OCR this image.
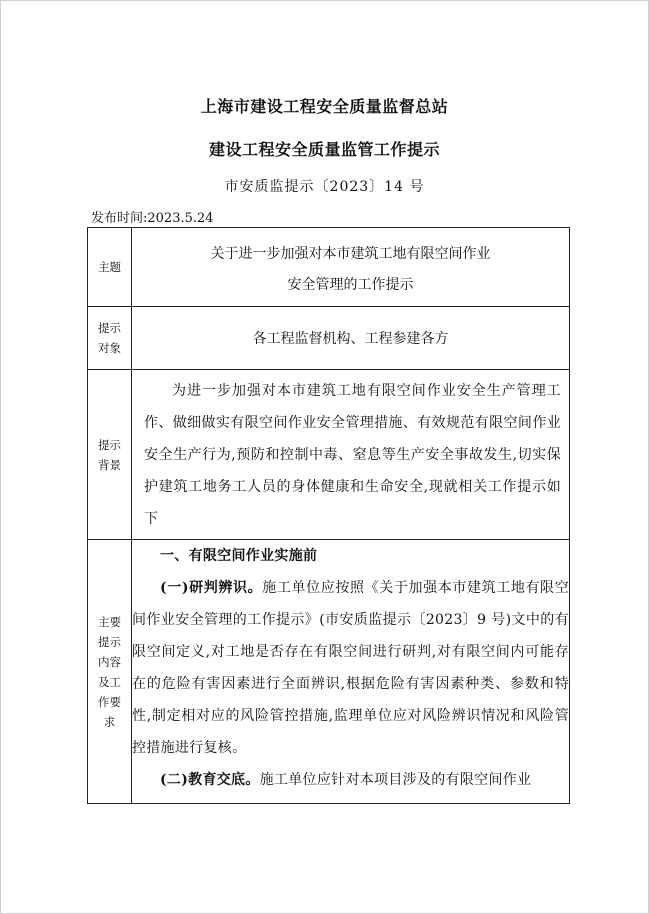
上海市建设工程安全质量监督总站
建设工程安全质量监管工作提示
市安质监提示〔2023〕14 号
发布时间:2023.5.24
主题	关于进一步加强对本市建筑工地有限空间作业
安全管理的工作提示

提示对象	各工程监督机构、工程参建各方

提示背景	为进一步加强对本市建筑工地有限空间作业安全生产管理工作、做细做实有限空间作业安全管理措施、有效规范有限空间作业安全生产行为,预防和控制中毒、窒息等生产安全事故发生,切实保护建筑工地务工人员的身体健康和生命安全,现就相关工作提示如下

主要提示内容及工作要求	一、有限空间作业实施前

(一)研判辨识。施工单位应按照《关于加强本市建筑工地有限空间作业安全管理的工作提示》(市安质监提示〔2023〕9 号)文中的有限空间定义,对工地是否存在有限空间进行研判,对有限空间内可能存在的危险有害因素进行全面辨识,根据危险有害因素种类、参数和特性,制定相对应的风险管控措施,监理单位应对风险辨识情况和风险管控措施进行复核。

(二)教育交底。施工单位应针对本项目涉及的有限空间作业
